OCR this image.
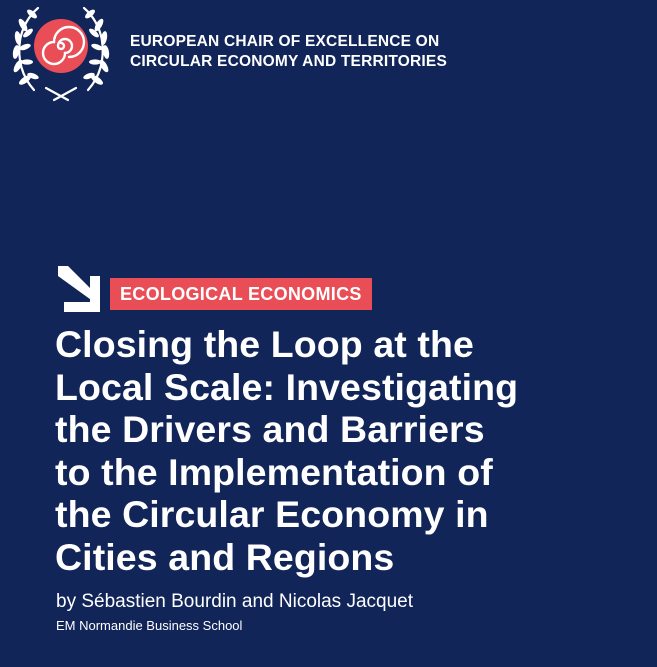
EUROPEAN CHAIR OF EXCELLENCE ON
CIRCULAR ECONOMY AND TERRITORIES
ECOLOGICAL ECONOMICS
Closing the Loop at the
Local Scale: Investigating
the Drivers and Barriers
to the Implementation of
the Circular Economy in
Cities and Regions
by Sébastien Bourdin and Nicolas Jacquet
EM Normandie Business School
